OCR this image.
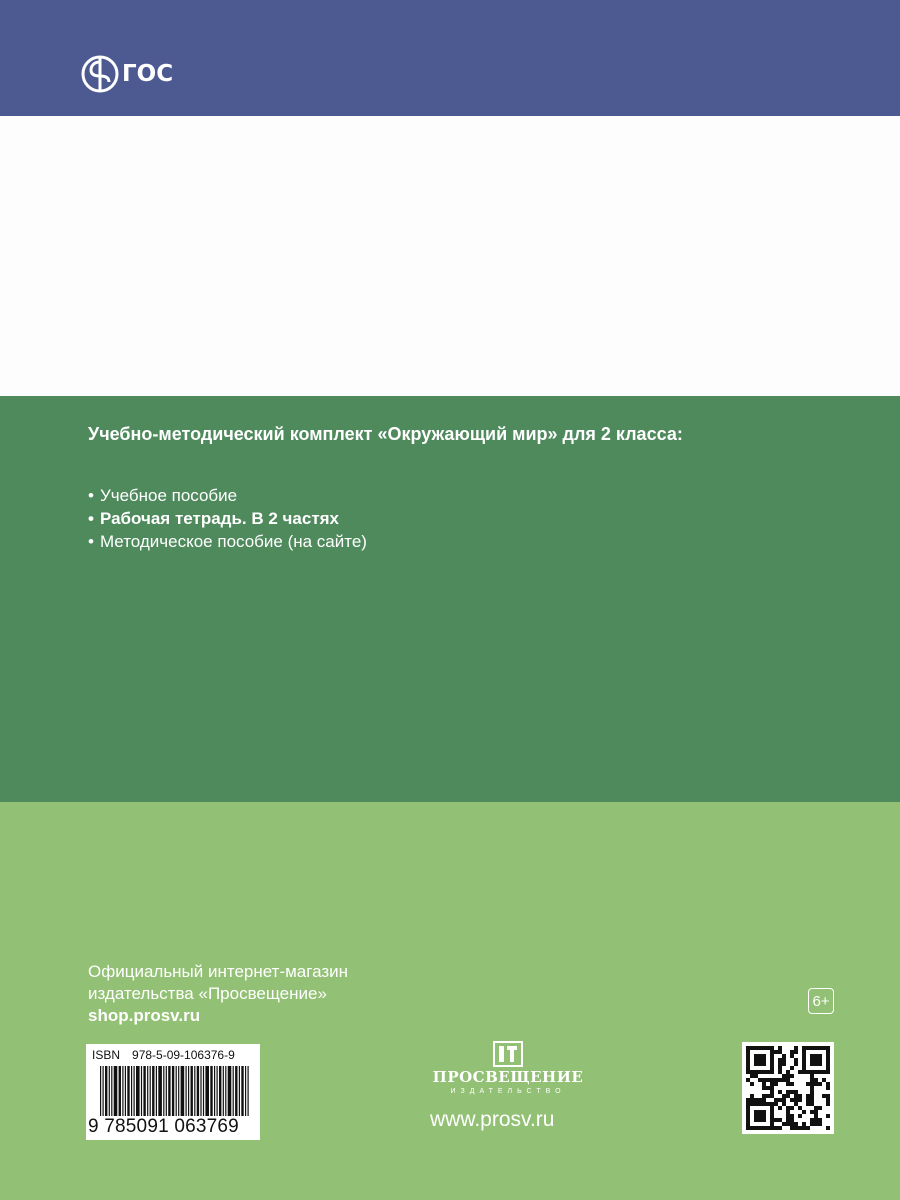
ГОС
Учебно-методический комплект «Окружающий мир» для 2 класса:
• Учебное пособие
• Рабочая тетрадь. В 2 частях
• Методическое пособие (на сайте)
Официальный интернет-магазин
издательства «Просвещение»
shop.prosv.ru
6+
ISBN 978-5-09-106376-9
9 785091 063769
ПРОСВЕЩЕНИЕ
ИЗДАТЕЛЬСТВО
www.prosv.ru
